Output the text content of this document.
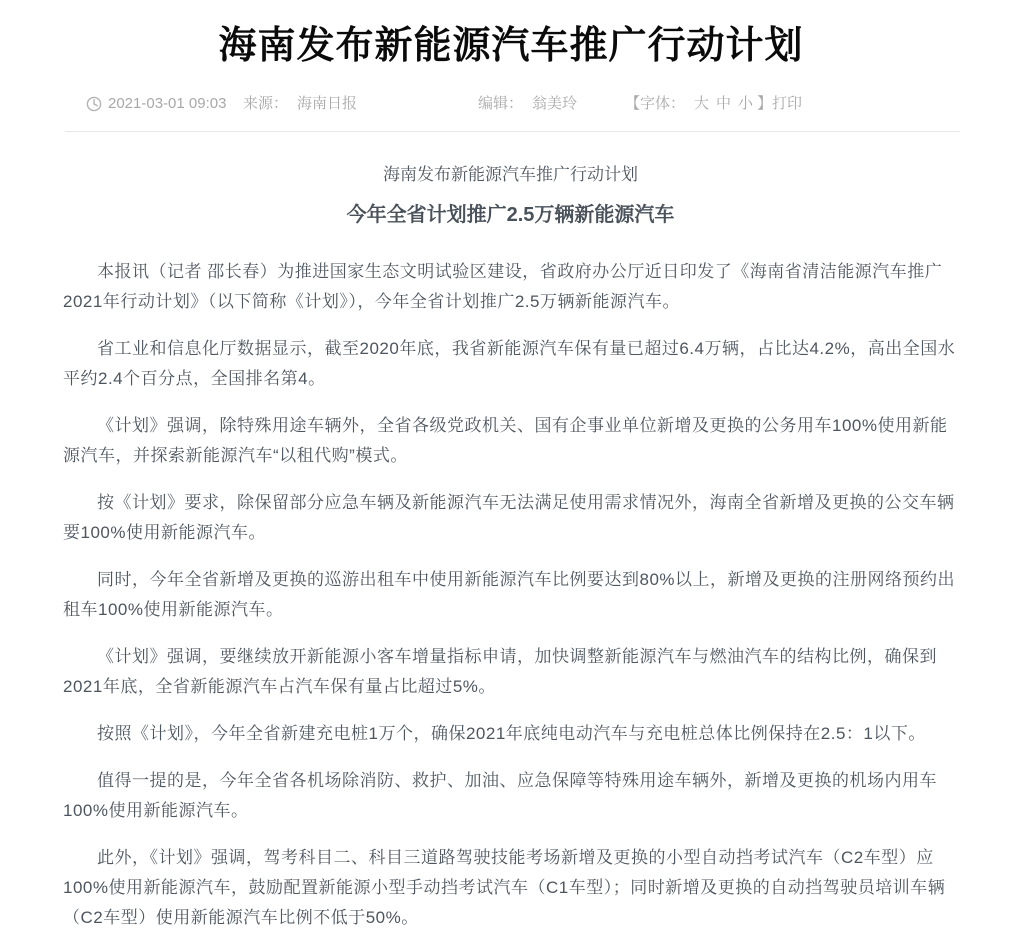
海南发布新能源汽车推广行动计划
2021-03-01 09:03 来源： 海南日报	编辑： 翁美玲	【字体： 大 中 小 】 打印
海南发布新能源汽车推广行动计划
今年全省计划推广2.5万辆新能源汽车

本报讯（记者 邵长春）为推进国家生态文明试验区建设，省政府办公厅近日印发了《海南省清洁能源汽车推广2021年行动计划》（以下简称《计划》），今年全省计划推广2.5万辆新能源汽车。

省工业和信息化厅数据显示，截至2020年底，我省新能源汽车保有量已超过6.4万辆，占比达4.2%，高出全国水平约2.4个百分点，全国排名第4。

《计划》强调，除特殊用途车辆外，全省各级党政机关、国有企事业单位新增及更换的公务用车100%使用新能源汽车，并探索新能源汽车“以租代购”模式。

按《计划》要求，除保留部分应急车辆及新能源汽车无法满足使用需求情况外，海南全省新增及更换的公交车辆要100%使用新能源汽车。

同时，今年全省新增及更换的巡游出租车中使用新能源汽车比例要达到80%以上，新增及更换的注册网络预约出租车100%使用新能源汽车。

《计划》强调，要继续放开新能源小客车增量指标申请，加快调整新能源汽车与燃油汽车的结构比例，确保到2021年底，全省新能源汽车占汽车保有量占比超过5%。

按照《计划》，今年全省新建充电桩1万个，确保2021年底纯电动汽车与充电桩总体比例保持在2.5：1以下。

值得一提的是，今年全省各机场除消防、救护、加油、应急保障等特殊用途车辆外，新增及更换的机场内用车100%使用新能源汽车。

此外，《计划》强调，驾考科目二、科目三道路驾驶技能考场新增及更换的小型自动挡考试汽车（C2车型）应100%使用新能源汽车，鼓励配置新能源小型手动挡考试汽车（C1车型）；同时新增及更换的自动挡驾驶员培训车辆（C2车型）使用新能源汽车比例不低于50%。
